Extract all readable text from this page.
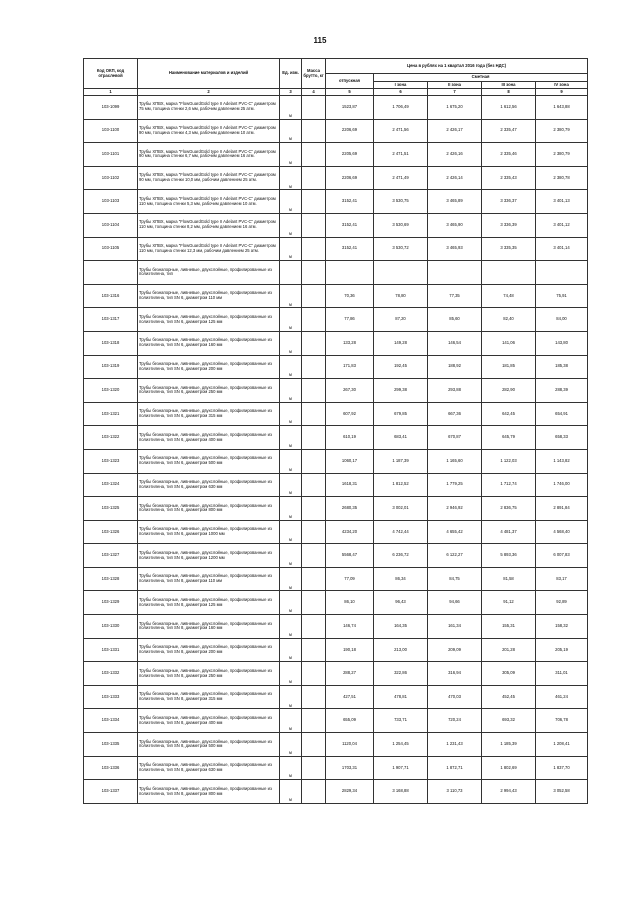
115
Код ОКП, код отраслевой	Наименование материалов и изделий	Ед. изм.	Масса брутто, кг	Цена в рублях на 1 квартал 2016 года (без НДС)				
				отпускная	Сметная			
					I зона	II зона	III зона	IV зона
1	2	3	4	5	6	7	8	9
103-1099	Трубы ХПВХ, марка "FlowGuardGold type II Adelant PVC-C" диаметром 75 мм, толщина стенки 2,6 мм, рабочим давлением 25 атм.	м		1523,87	1 706,49	1 675,20	1 612,56	1 643,88
103-1100	Трубы ХПВХ, марка "FlowGuardGold type II Adelant PVC-C" диаметром 90 мм, толщина стенки 4,3 мм, рабочим давлением 10 атм.	м		2206,69	2 471,56	2 426,17	2 335,47	2 380,79
103-1101	Трубы ХПВХ, марка "FlowGuardGold type II Adelant PVC-C" диаметром 90 мм, толщина стенки 6,7 мм, рабочим давлением 16 атм.	м		2205,69	2 471,51	2 426,16	2 335,46	2 380,79
103-1102	Трубы ХПВХ, марка "FlowGuardGold type II Adelant PVC-C" диаметром 90 мм, толщина стенки 10,0 мм, рабочим давлением 25 атм.	м		2206,69	2 471,49	2 426,14	2 335,43	2 380,78
103-1103	Трубы ХПВХ, марка "FlowGuardGold type II Adelant PVC-C" диаметром 110 мм, толщина стенки 5,3 мм, рабочим давлением 10 атм.	м		3152,41	3 530,75	3 465,89	3 336,37	3 401,13
103-1104	Трубы ХПВХ, марка "FlowGuardGold type II Adelant PVC-C" диаметром 110 мм, толщина стенки 8,2 мм, рабочим давлением 16 атм.	м		3152,41	3 530,69	3 465,90	3 336,39	3 401,12
103-1105	Трубы ХПВХ, марка "FlowGuardGold type II Adelant PVC-C" диаметром 110 мм, толщина стенки 12,3 мм, рабочим давлением 25 атм.	м		3152,41	3 530,72	3 465,93	3 335,35	3 401,14
	Трубы безнапорные, ливневые, двухслойные, профилированные из полиэтилена, тип							
103-1316	Трубы безнапорные, ливневые, двухслойные, профилированные из полиэтилена, тип SN 6, диаметром 110 мм	м		70,36	78,80	77,35	74,48	75,91
103-1317	Трубы безнапорные, ливневые, двухслойные, профилированные из полиэтилена, тип SN 6, диаметром 125 мм	м		77,86	87,20	85,60	82,40	84,00
103-1318	Трубы безнапорные, ливневые, двухслойные, профилированные из полиэтилена, тип SN 6, диаметром 160 мм	м		133,28	149,28	146,54	141,06	143,80
103-1319	Трубы безнапорные, ливневые, двухслойные, профилированные из полиэтилена, тип SN 6, диаметром 200 мм	м		171,83	192,45	188,92	181,85	185,38
103-1320	Трубы безнапорные, ливневые, двухслойные, профилированные из полиэтилена, тип SN 6, диаметром 250 мм	м		267,30	299,38	293,88	282,90	288,39
103-1321	Трубы безнапорные, ливневые, двухслойные, профилированные из полиэтилена, тип SN 6, диаметром 315 мм	м		607,92	679,85	667,36	642,45	654,91
103-1322	Трубы безнапорные, ливневые, двухслойные, профилированные из полиэтилена, тип SN 6, диаметром 400 мм	м		610,19	683,41	670,87	645,79	658,33
103-1323	Трубы безнапорные, ливневые, двухслойные, профилированные из полиэтилена, тип SN 6, диаметром 500 мм	м		1060,17	1 187,39	1 165,60	1 122,03	1 143,82
103-1324	Трубы безнапорные, ливневые, двухслойные, профилированные из полиэтилена, тип SN 6, диаметром 630 мм	м		1618,31	1 812,52	1 779,25	1 712,74	1 746,00
103-1325	Трубы безнапорные, ливневые, двухслойные, профилированные из полиэтилена, тип SN 6, диаметром 800 мм	м		2680,35	3 002,01	2 946,92	2 836,75	2 891,84
103-1326	Трубы безнапорные, ливневые, двухслойные, профилированные из полиэтилена, тип SN 6, диаметром 1000 мм	м		4234,20	4 742,44	4 655,42	4 481,37	4 568,40
103-1327	Трубы безнапорные, ливневые, двухслойные, профилированные из полиэтилена, тип SN 6, диаметром 1200 мм	м		5568,47	6 236,72	6 122,27	5 893,36	6 007,83
103-1328	Трубы безнапорные, ливневые, двухслойные, профилированные из полиэтилена, тип SN 8, диаметром 110 мм	м		77,09	86,34	84,75	81,58	83,17
103-1329	Трубы безнапорные, ливневые, двухслойные, профилированные из полиэтилена, тип SN 8, диаметром 125 мм	м		86,10	96,43	94,66	91,12	92,89
103-1330	Трубы безнапорные, ливневые, двухслойные, профилированные из полиэтилена, тип SN 8, диаметром 160 мм	м		146,74	164,35	161,34	155,31	158,32
103-1331	Трубы безнапорные, ливневые, двухслойные, профилированные из полиэтилена, тип SN 8, диаметром 200 мм	м		190,18	213,00	209,09	201,28	205,19
103-1332	Трубы безнапорные, ливневые, двухслойные, профилированные из полиэтилена, тип SN 8, диаметром 250 мм	м		288,27	322,86	316,94	305,09	311,01
103-1333	Трубы безнапорные, ливневые, двухслойные, профилированные из полиэтилена, тип SN 8, диаметром 315 мм	м		427,51	478,81	470,03	452,45	461,24
103-1334	Трубы безнапорные, ливневые, двухслойные, профилированные из полиэтилена, тип SN 8, диаметром 400 мм	м		655,09	733,71	720,24	693,32	706,78
103-1335	Трубы безнапорные, ливневые, двухслойные, профилированные из полиэтилена, тип SN 8, диаметром 500 мм	м		1120,04	1 254,45	1 231,43	1 185,39	1 208,41
103-1336	Трубы безнапорные, ливневые, двухслойные, профилированные из полиэтилена, тип SN 8, диаметром 630 мм	м		1703,31	1 907,71	1 872,71	1 802,69	1 837,70
103-1337	Трубы безнапорные, ливневые, двухслойные, профилированные из полиэтилена, тип SN 8, диаметром 800 мм	м		2829,34	3 168,88	3 110,73	2 994,43	3 052,58
